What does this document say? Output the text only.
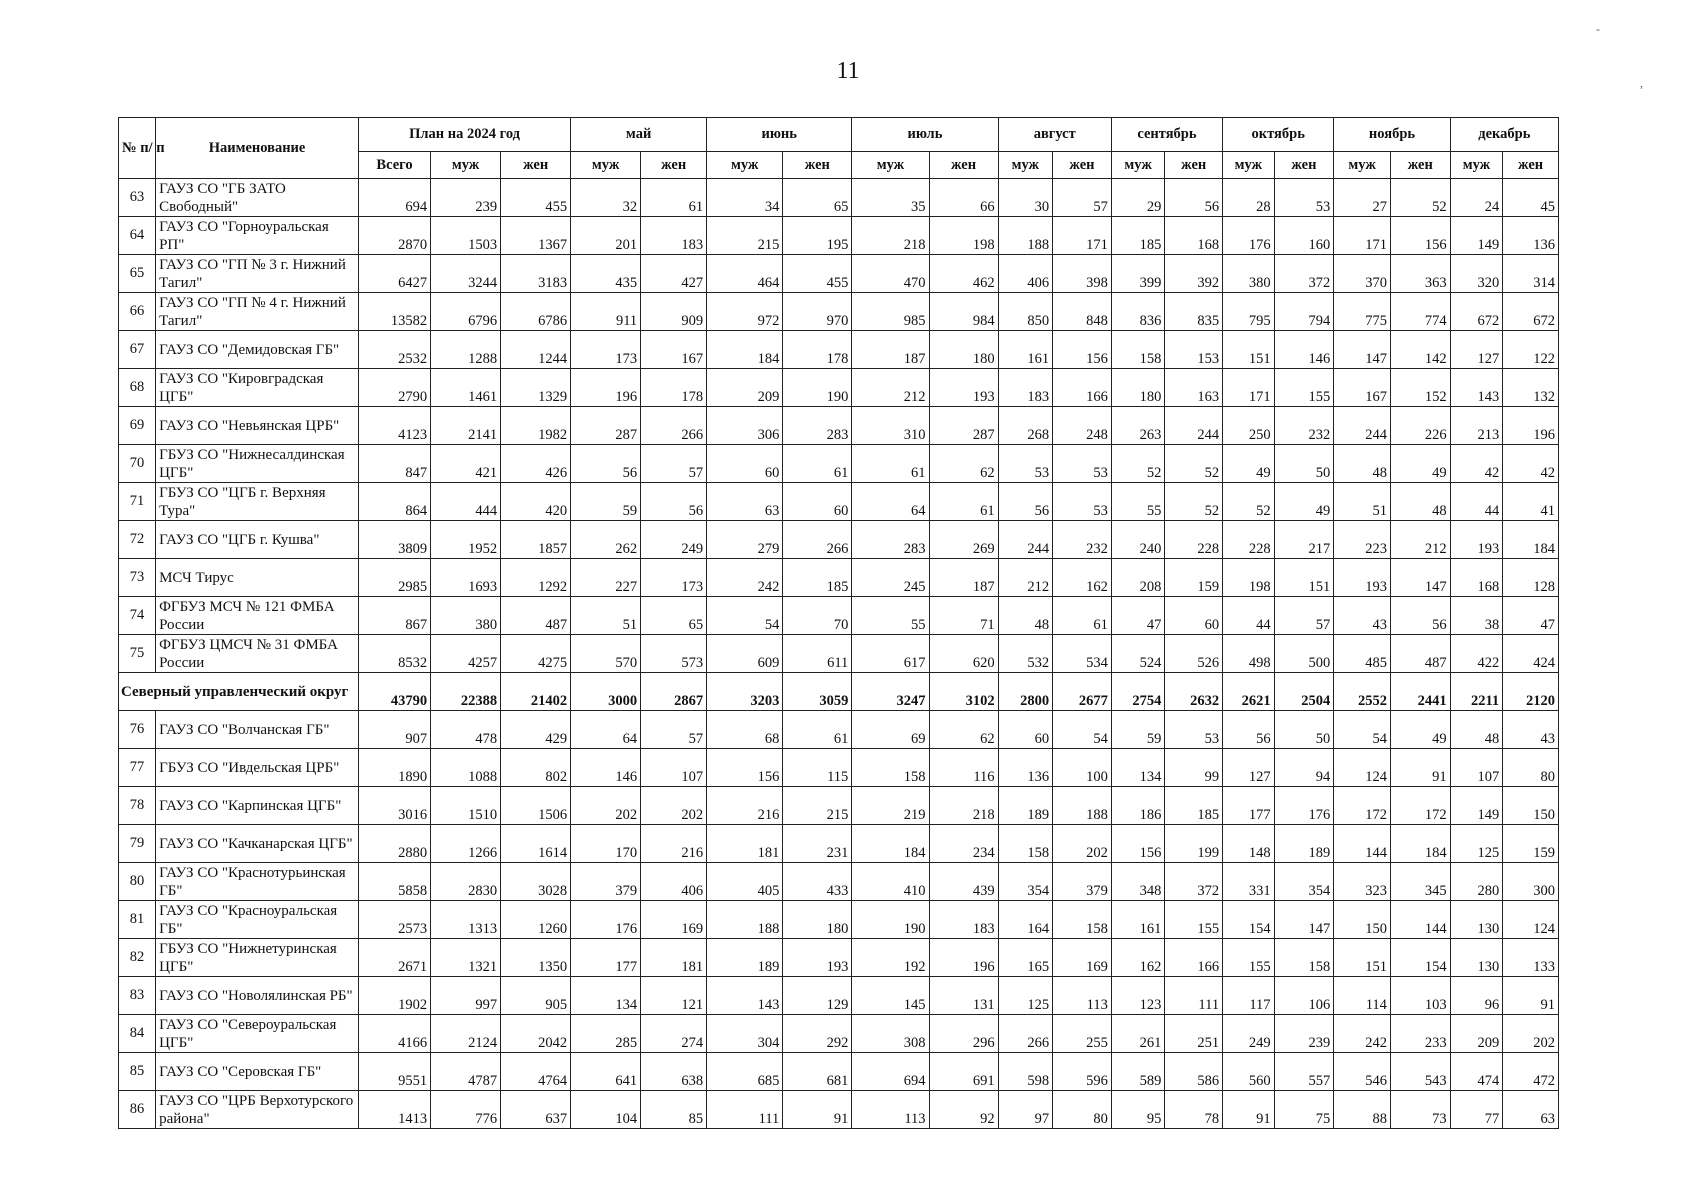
11
-
,
№ п/ п	Наименование	План на 2024 год			май		июнь		июль		август		сентябрь		октябрь		ноябрь		декабрь	
		Всего	муж	жен	муж	жен	муж	жен	муж	жен	муж	жен	муж	жен	муж	жен	муж	жен	муж	жен
63	ГАУЗ СО "ГБ ЗАТО Свободный"	694	239	455	32	61	34	65	35	66	30	57	29	56	28	53	27	52	24	45
64	ГАУЗ СО "Горноуральская РП"	2870	1503	1367	201	183	215	195	218	198	188	171	185	168	176	160	171	156	149	136
65	ГАУЗ СО "ГП № 3 г. Нижний Тагил"	6427	3244	3183	435	427	464	455	470	462	406	398	399	392	380	372	370	363	320	314
66	ГАУЗ СО "ГП № 4 г. Нижний Тагил"	13582	6796	6786	911	909	972	970	985	984	850	848	836	835	795	794	775	774	672	672
67	ГАУЗ СО "Демидовская ГБ"	2532	1288	1244	173	167	184	178	187	180	161	156	158	153	151	146	147	142	127	122
68	ГАУЗ СО "Кировградская ЦГБ"	2790	1461	1329	196	178	209	190	212	193	183	166	180	163	171	155	167	152	143	132
69	ГАУЗ СО "Невьянская ЦРБ"	4123	2141	1982	287	266	306	283	310	287	268	248	263	244	250	232	244	226	213	196
70	ГБУЗ СО "Нижнесалдинская ЦГБ"	847	421	426	56	57	60	61	61	62	53	53	52	52	49	50	48	49	42	42
71	ГБУЗ СО "ЦГБ г. Верхняя Тура"	864	444	420	59	56	63	60	64	61	56	53	55	52	52	49	51	48	44	41
72	ГАУЗ СО "ЦГБ г. Кушва"	3809	1952	1857	262	249	279	266	283	269	244	232	240	228	228	217	223	212	193	184
73	МСЧ Тирус	2985	1693	1292	227	173	242	185	245	187	212	162	208	159	198	151	193	147	168	128
74	ФГБУЗ МСЧ № 121 ФМБА России	867	380	487	51	65	54	70	55	71	48	61	47	60	44	57	43	56	38	47
75	ФГБУЗ ЦМСЧ № 31 ФМБА России	8532	4257	4275	570	573	609	611	617	620	532	534	524	526	498	500	485	487	422	424
Северный управленческий округ		43790	22388	21402	3000	2867	3203	3059	3247	3102	2800	2677	2754	2632	2621	2504	2552	2441	2211	2120
76	ГАУЗ СО "Волчанская ГБ"	907	478	429	64	57	68	61	69	62	60	54	59	53	56	50	54	49	48	43
77	ГБУЗ СО "Ивдельская ЦРБ"	1890	1088	802	146	107	156	115	158	116	136	100	134	99	127	94	124	91	107	80
78	ГАУЗ СО "Карпинская ЦГБ"	3016	1510	1506	202	202	216	215	219	218	189	188	186	185	177	176	172	172	149	150
79	ГАУЗ СО "Качканарская ЦГБ"	2880	1266	1614	170	216	181	231	184	234	158	202	156	199	148	189	144	184	125	159
80	ГАУЗ СО "Краснотурьинская ГБ"	5858	2830	3028	379	406	405	433	410	439	354	379	348	372	331	354	323	345	280	300
81	ГАУЗ СО "Красноуральская ГБ"	2573	1313	1260	176	169	188	180	190	183	164	158	161	155	154	147	150	144	130	124
82	ГБУЗ СО "Нижнетуринская ЦГБ"	2671	1321	1350	177	181	189	193	192	196	165	169	162	166	155	158	151	154	130	133
83	ГАУЗ СО "Новолялинская РБ"	1902	997	905	134	121	143	129	145	131	125	113	123	111	117	106	114	103	96	91
84	ГАУЗ СО "Североуральская ЦГБ"	4166	2124	2042	285	274	304	292	308	296	266	255	261	251	249	239	242	233	209	202
85	ГАУЗ СО "Серовская ГБ"	9551	4787	4764	641	638	685	681	694	691	598	596	589	586	560	557	546	543	474	472
86	ГАУЗ СО "ЦРБ Верхотурского района"	1413	776	637	104	85	111	91	113	92	97	80	95	78	91	75	88	73	77	63
